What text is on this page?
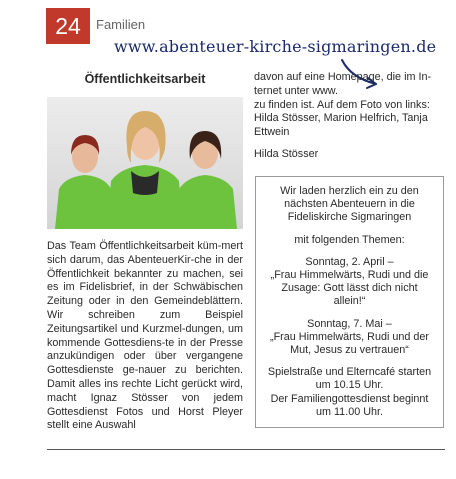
24 Familien
www.abenteuer-kirche-sigmaringen.de
Öffentlichkeitsarbeit
Das Team Öffentlichkeitsarbeit küm-mert sich darum, das AbenteuerKir-che in der Öffentlichkeit bekannter zu machen, sei es im Fidelisbrief, in der Schwäbischen Zeitung oder in den Gemeindeblättern. Wir schreiben zum Beispiel Zeitungsartikel und Kurzmel-dungen, um kommende Gottesdiens-te in der Presse anzukündigen oder über vergangene Gottesdienste ge-nauer zu berichten. Damit alles ins rechte Licht gerückt wird, macht Ignaz Stösser von jedem Gottesdienst Fotos und Horst Pleyer stellt eine Auswahl

davon auf eine Homepage, die im In-ternet unter www.
zu finden ist. Auf dem Foto von links: Hilda Stösser, Marion Helfrich, Tanja Ettwein

Hilda Stösser

Wir laden herzlich ein zu den nächsten Abenteuern in die Fideliskirche Sigmaringen

mit folgenden Themen:

Sonntag, 2. April –

„Frau Himmelwärts, Rudi und die Zusage: Gott lässt dich nicht allein!“

Sonntag, 7. Mai –

„Frau Himmelwärts, Rudi und der Mut, Jesus zu vertrauen“

Spielstraße und Elterncafé starten um 10.15 Uhr.

Der Familiengottesdienst beginnt um 11.00 Uhr.
